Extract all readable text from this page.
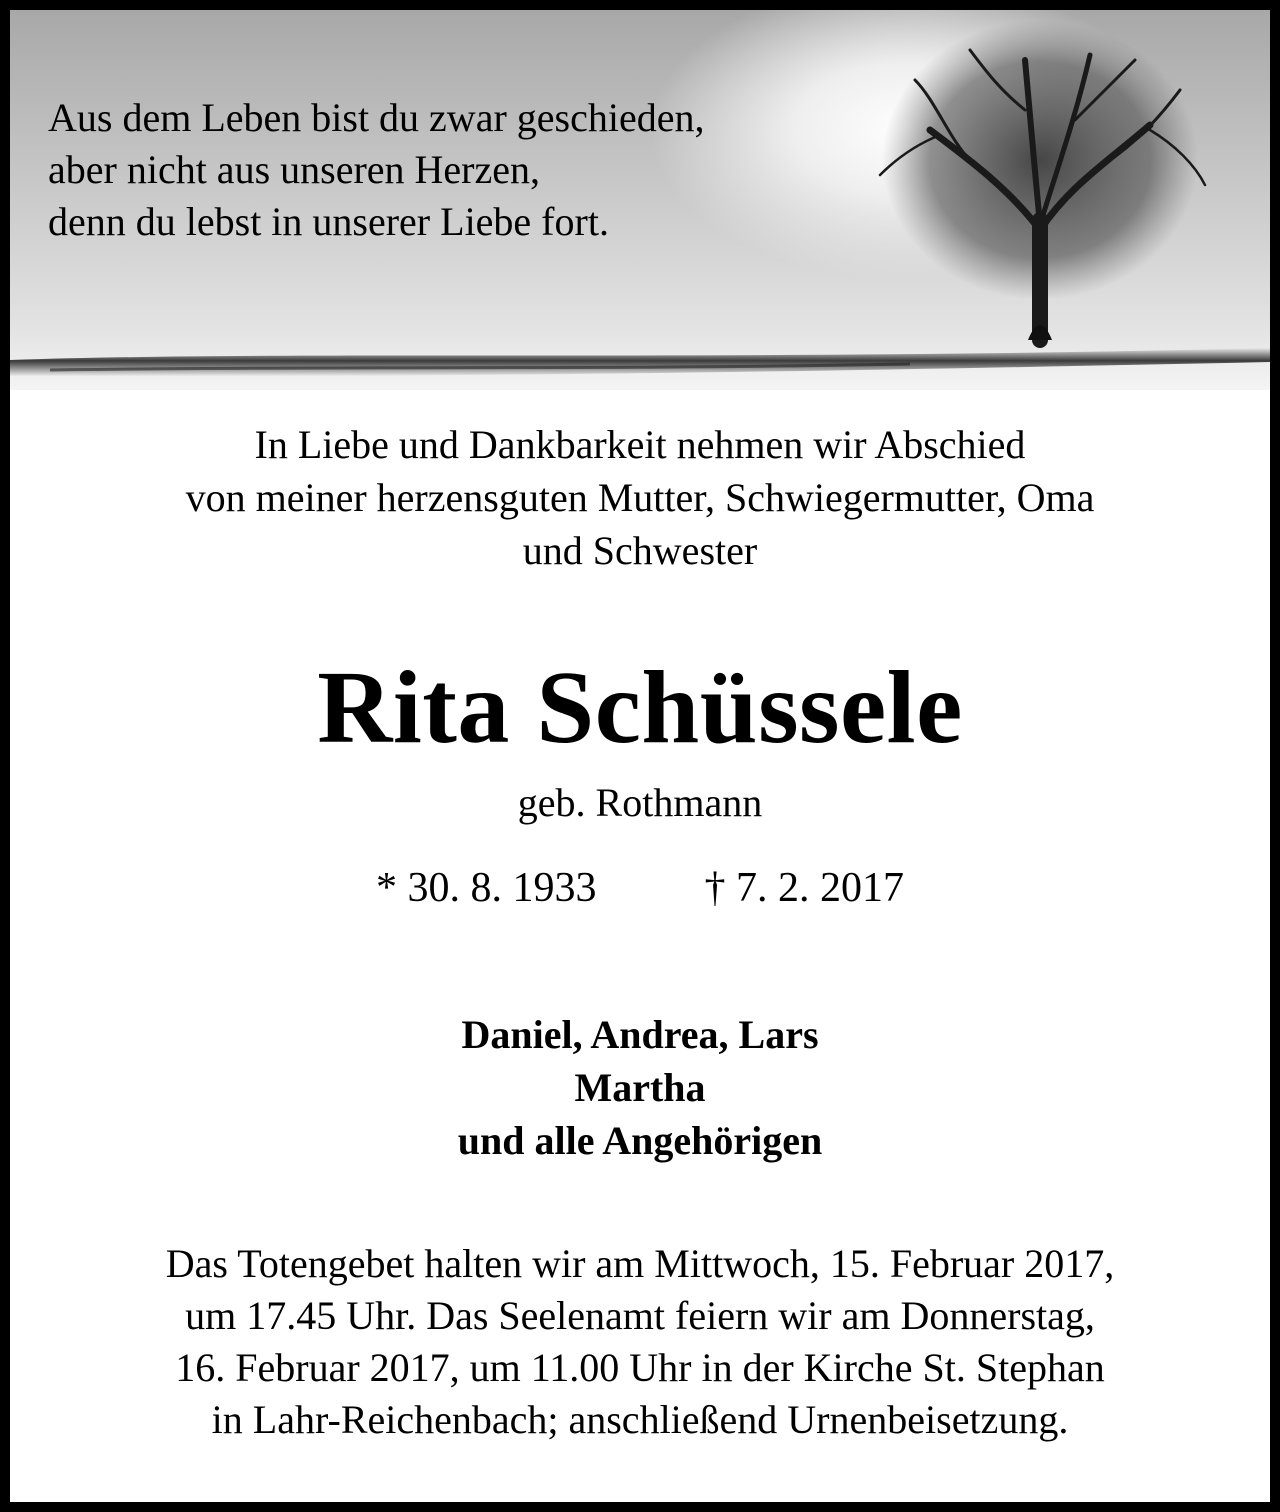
Aus dem Leben bist du zwar geschieden,
aber nicht aus unseren Herzen,
denn du lebst in unserer Liebe fort.
In Liebe und Dankbarkeit nehmen wir Abschied
von meiner herzensguten Mutter, Schwiegermutter, Oma
und Schwester
Rita Schüssele
geb. Rothmann
* 30. 8. 1933	† 7. 2. 2017
Daniel, Andrea, Lars
Martha
und alle Angehörigen
Das Totengebet halten wir am Mittwoch, 15. Februar 2017,
um 17.45 Uhr. Das Seelenamt feiern wir am Donnerstag,
16. Februar 2017, um 11.00 Uhr in der Kirche St. Stephan
in Lahr-Reichenbach; anschließend Urnenbeisetzung.
